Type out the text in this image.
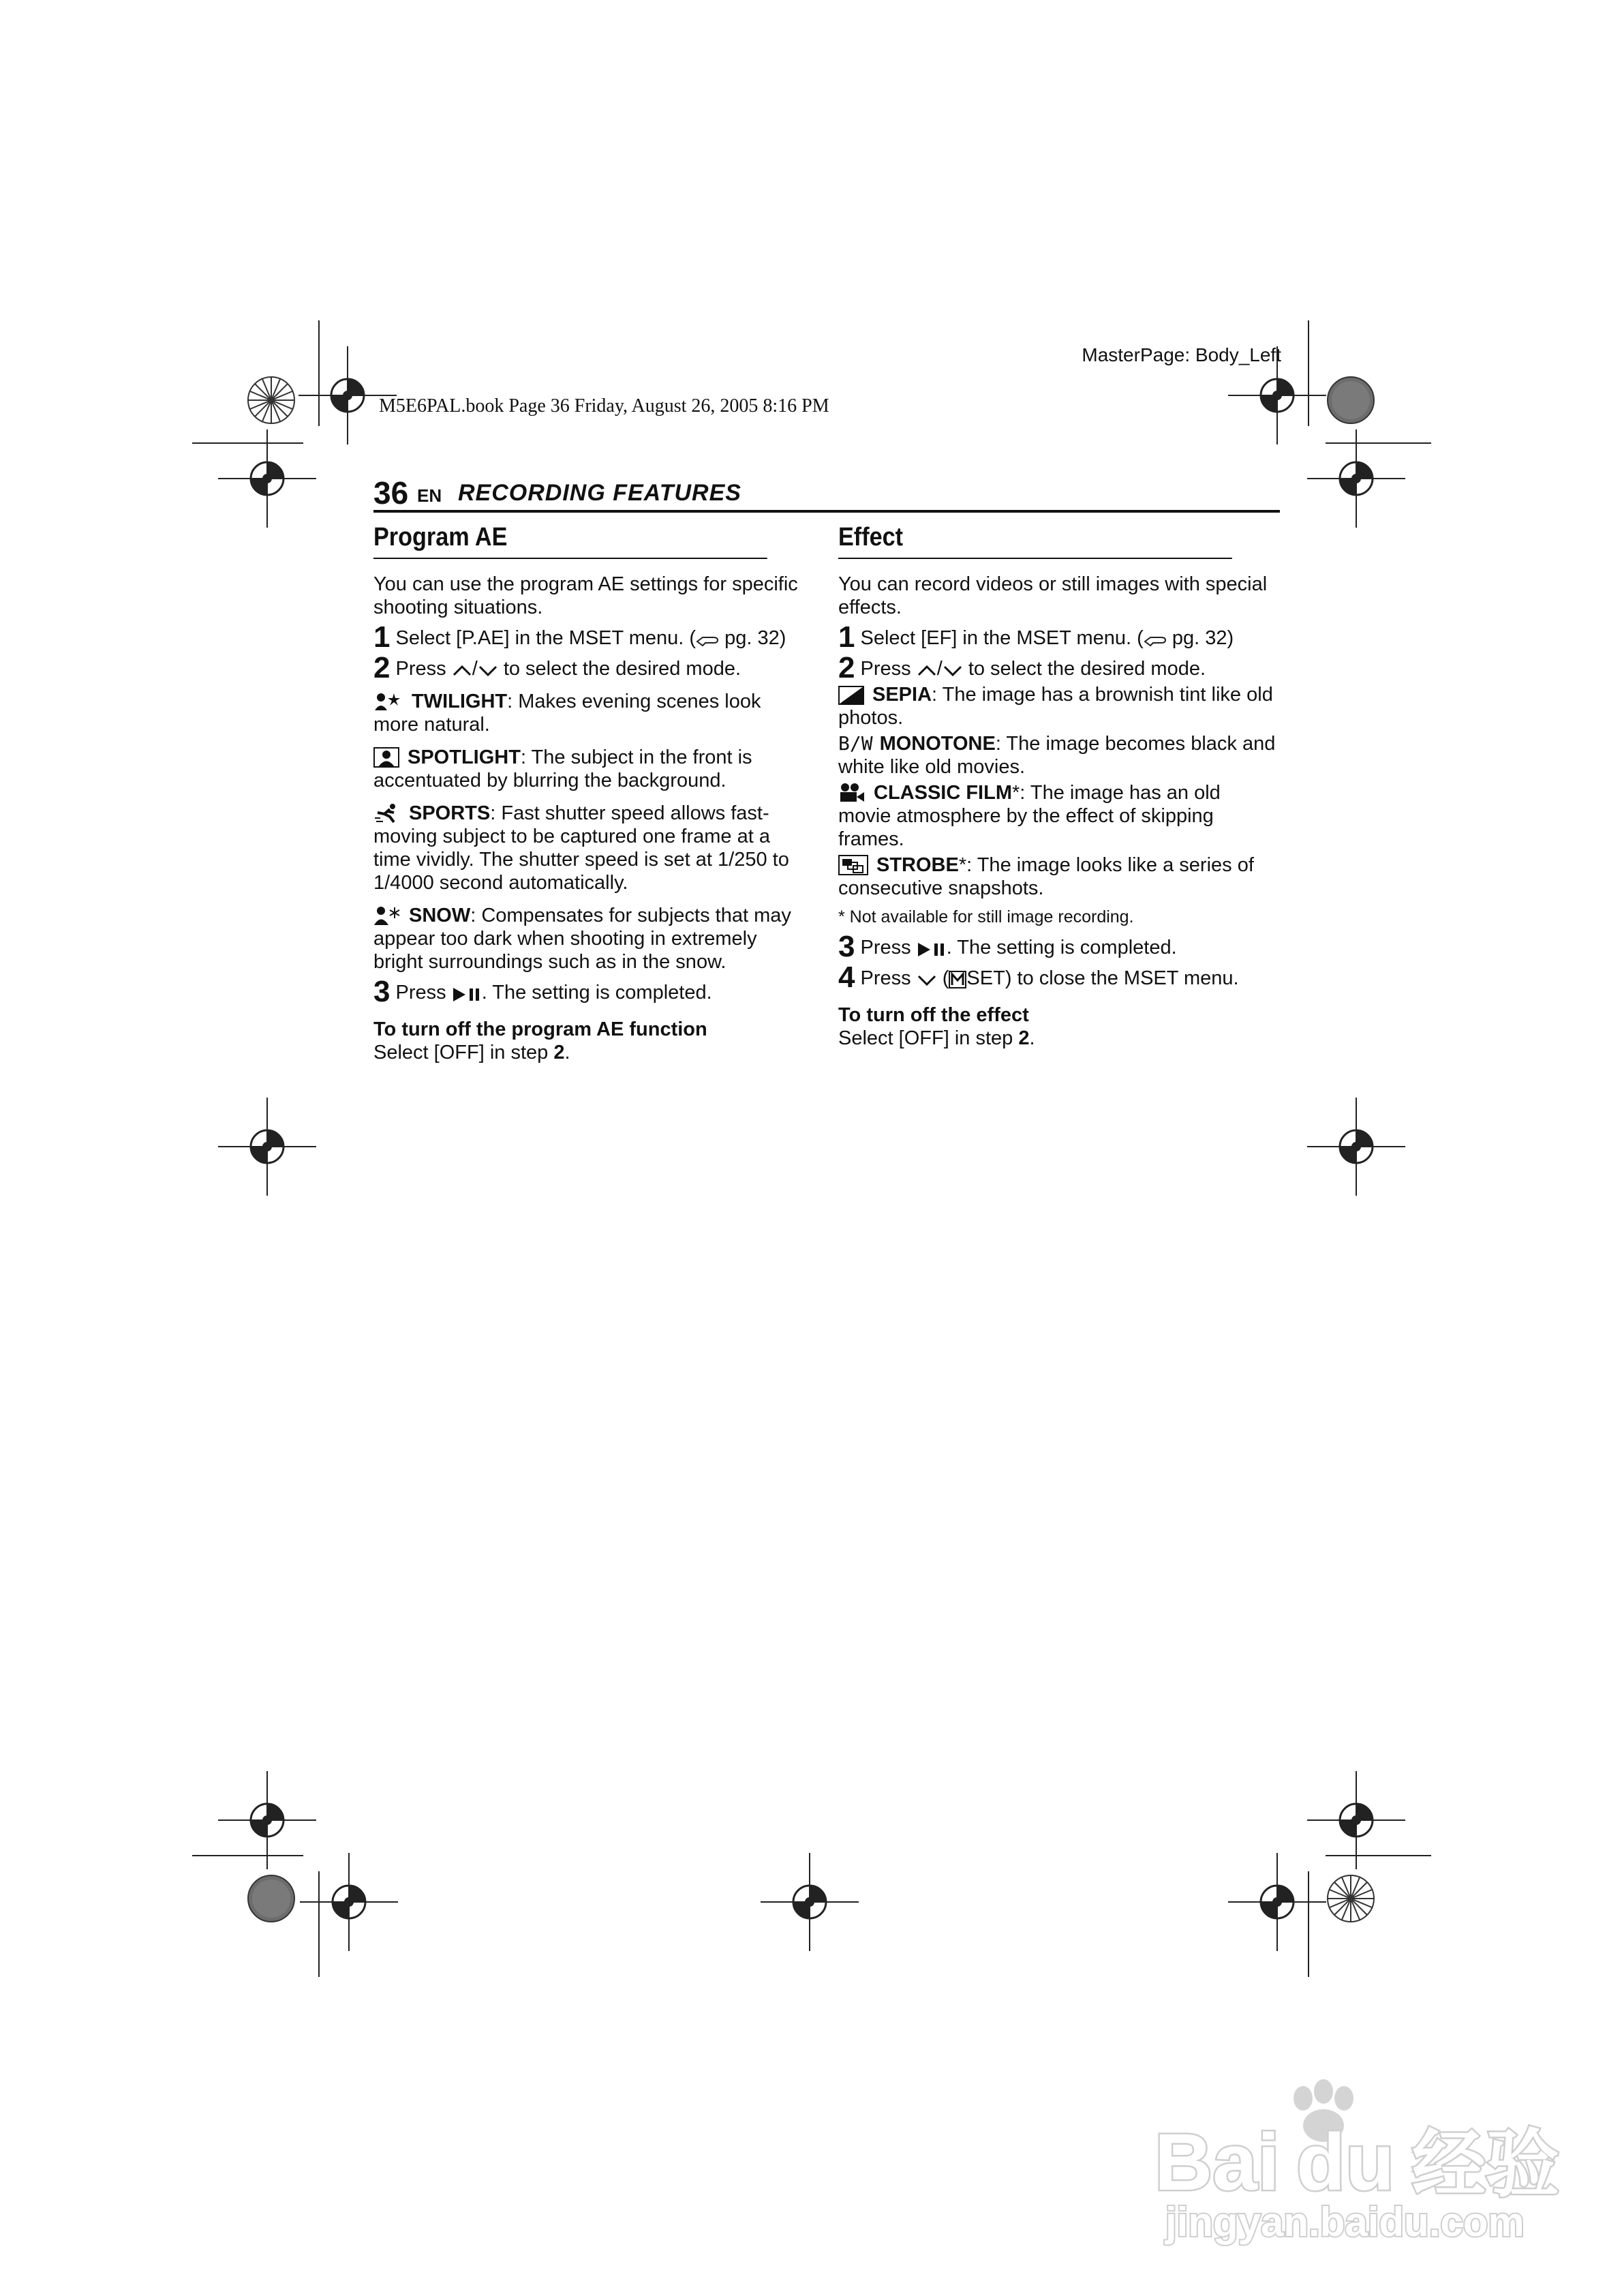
MasterPage: Body_Left
M5E6PAL.book Page 36 Friday, August 26, 2005 8:16 PM
36 EN RECORDING FEATURES
Program AE

You can use the program AE settings for specific shooting situations.

1 Select [P.AE] in the MSET menu. ( pg. 32)

2 Press / to select the desired mode.

TWILIGHT: Makes evening scenes look more natural.

SPOTLIGHT: The subject in the front is accentuated by blurring the background.

SPORTS: Fast shutter speed allows fast-moving subject to be captured one frame at a time vividly. The shutter speed is set at 1/250 to 1/4000 second automatically.

SNOW: Compensates for subjects that may appear too dark when shooting in extremely bright surroundings such as in the snow.

3 Press . The setting is completed.

To turn off the program AE function

Select [OFF] in step 2.

Effect

You can record videos or still images with special effects.

1 Select [EF] in the MSET menu. ( pg. 32)

2 Press / to select the desired mode.

SEPIA: The image has a brownish tint like old photos.

B/W MONOTONE: The image becomes black and white like old movies.

CLASSIC FILM*: The image has an old movie atmosphere by the effect of skipping frames.

STROBE*: The image looks like a series of consecutive snapshots.

* Not available for still image recording.

3 Press . The setting is completed.

4 Press ( SET) to close the MSET menu.

To turn off the effect

Select [OFF] in step 2.

Bai du 经验
jingyan.baidu.com
